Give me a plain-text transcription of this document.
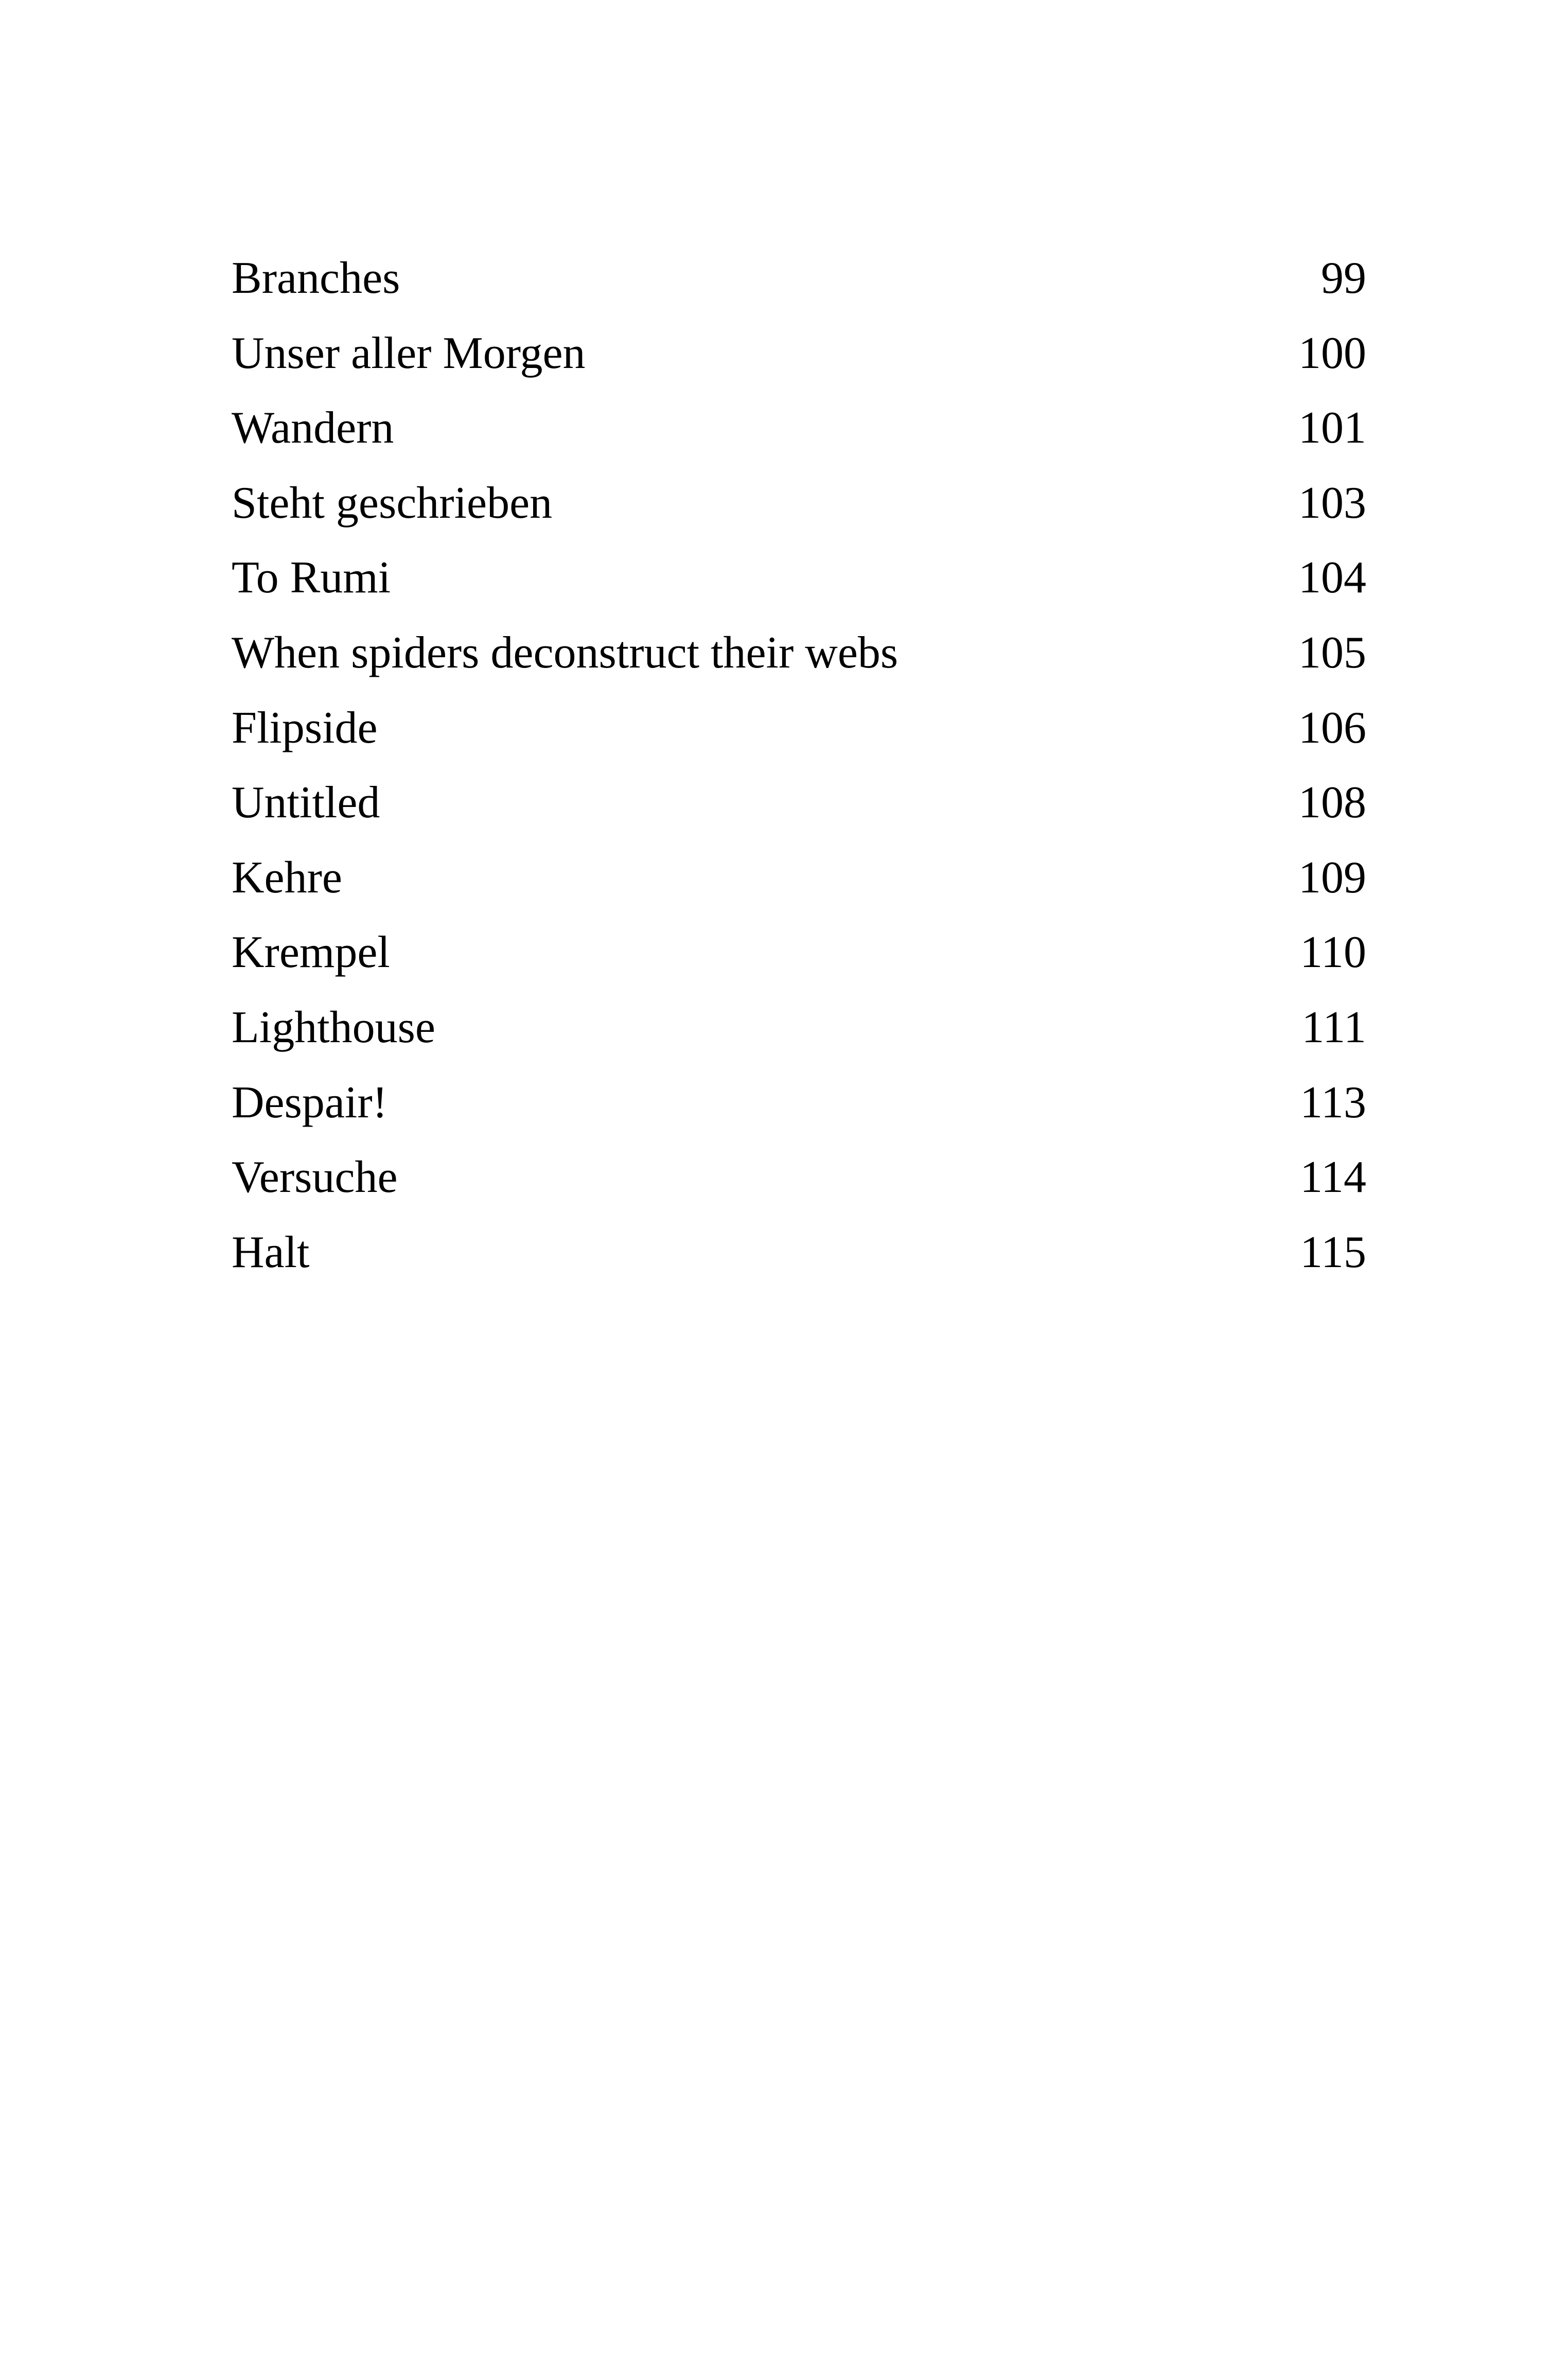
Branches	99
Unser aller Morgen	100
Wandern	101
Steht geschrieben	103
To Rumi	104
When spiders deconstruct their webs	105
Flipside	106
Untitled	108
Kehre	109
Krempel	110
Lighthouse	111
Despair!	113
Versuche	114
Halt	115
